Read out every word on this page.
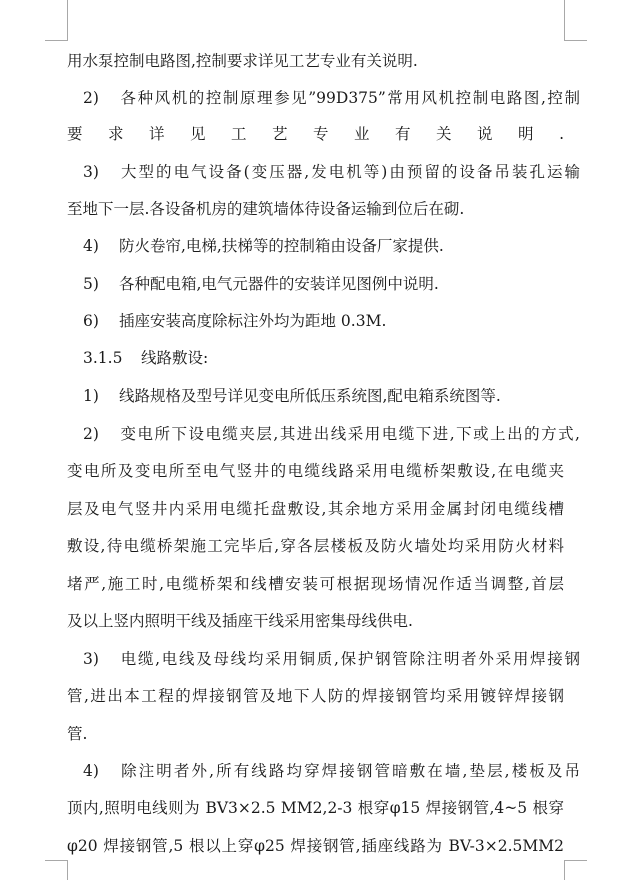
用水泵控制电路图,控制要求详见工艺专业有关说明.
2) 各种风机的控制原理参见”99D375”常用风机控制电路图,控制
要求详见工艺专业有关说明.
3) 大型的电气设备(变压器,发电机等)由预留的设备吊装孔运输
至地下一层.各设备机房的建筑墙体待设备运输到位后在砌.
4) 防火卷帘,电梯,扶梯等的控制箱由设备厂家提供.
5) 各种配电箱,电气元器件的安装详见图例中说明.
6) 插座安装高度除标注外均为距地 0.3M.
3.1.5 线路敷设:
1) 线路规格及型号详见变电所低压系统图,配电箱系统图等.
2) 变电所下设电缆夹层,其进出线采用电缆下进,下或上出的方式,
变电所及变电所至电气竖井的电缆线路采用电缆桥架敷设,在电缆夹
层及电气竖井内采用电缆托盘敷设,其余地方采用金属封闭电缆线槽
敷设,待电缆桥架施工完毕后,穿各层楼板及防火墙处均采用防火材料
堵严,施工时,电缆桥架和线槽安装可根据现场情况作适当调整,首层
及以上竖内照明干线及插座干线采用密集母线供电.
3) 电缆,电线及母线均采用铜质,保护钢管除注明者外采用焊接钢
管,进出本工程的焊接钢管及地下人防的焊接钢管均采用镀锌焊接钢
管.
4) 除注明者外,所有线路均穿焊接钢管暗敷在墙,垫层,楼板及吊
顶内,照明电线则为 BV3×2.5 MM2,2-3 根穿φ15 焊接钢管,4~5 根穿
φ20 焊接钢管,5 根以上穿φ25 焊接钢管,插座线路为 BV-3×2.5MM2
